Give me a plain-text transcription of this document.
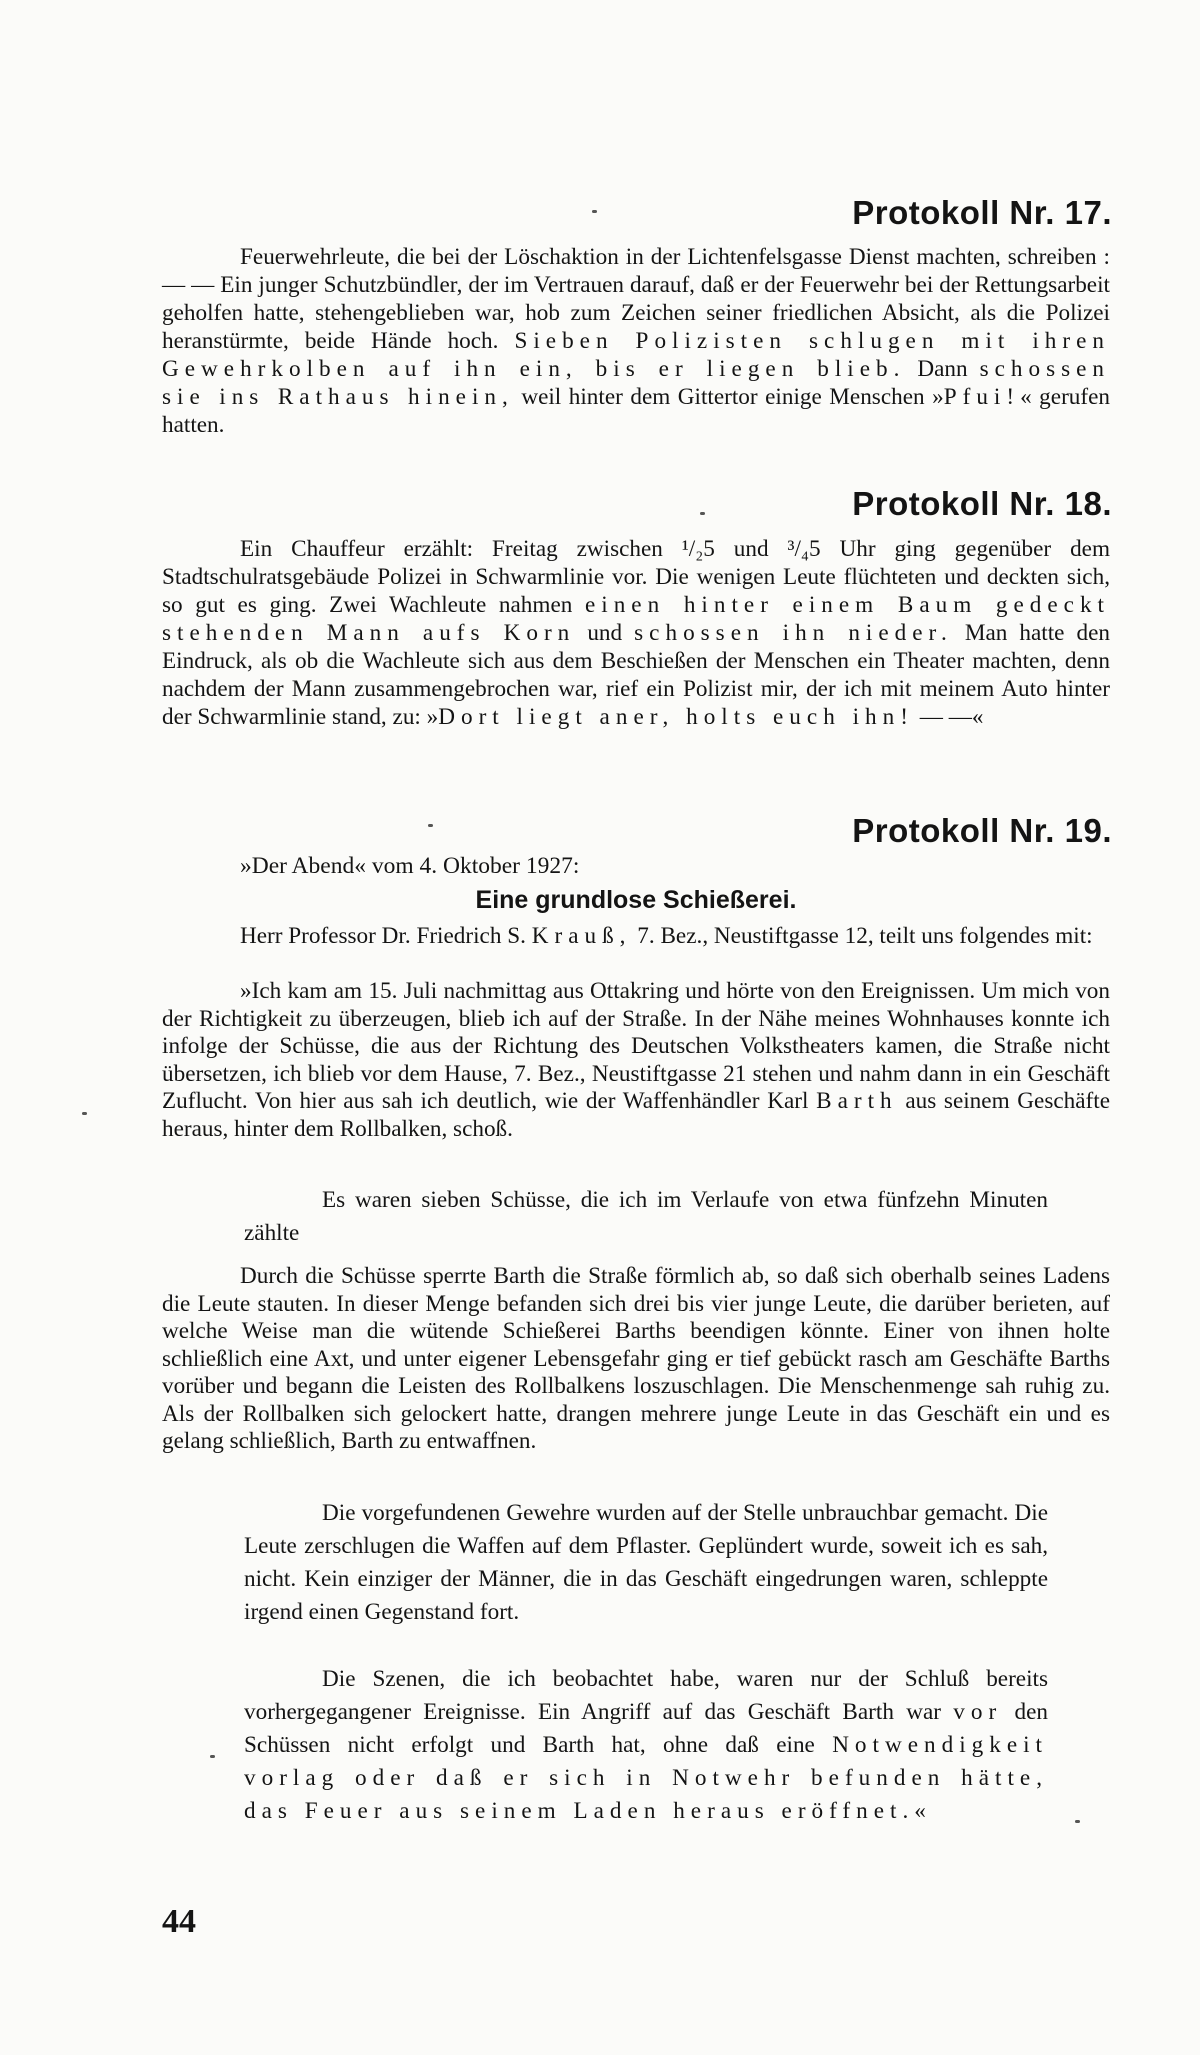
Protokoll Nr. 17.
Feuerwehrleute, die bei der Löschaktion in der Lichtenfelsgasse Dienst machten, schreiben : — — Ein junger Schutzbündler, der im Vertrauen darauf, daß er der Feuerwehr bei der Rettungsarbeit geholfen hatte, stehengeblieben war, hob zum Zeichen seiner friedlichen Absicht, als die Polizei heranstürmte, beide Hände hoch. Sieben Polizisten schlugen mit ihren Gewehrkolben auf ihn ein, bis er liegen blieb. Dann schossen sie ins Rathaus hinein, weil hinter dem Gittertor einige Menschen »Pfui!« gerufen hatten.
Protokoll Nr. 18.
Ein Chauffeur erzählt: Freitag zwischen ¹/₂5 und ³/₄5 Uhr ging gegenüber dem Stadtschulratsgebäude Polizei in Schwarmlinie vor. Die wenigen Leute flüchteten und deckten sich, so gut es ging. Zwei Wachleute nahmen einen hinter einem Baum gedeckt stehenden Mann aufs Korn und schossen ihn nieder. Man hatte den Eindruck, als ob die Wachleute sich aus dem Beschießen der Menschen ein Theater machten, denn nachdem der Mann zusammengebrochen war, rief ein Polizist mir, der ich mit meinem Auto hinter der Schwarmlinie stand, zu: »Dort liegt aner, holts euch ihn! — —«
Protokoll Nr. 19.
»Der Abend« vom 4. Oktober 1927:
Eine grundlose Schießerei.
Herr Professor Dr. Friedrich S. Krauß, 7. Bez., Neustiftgasse 12, teilt uns folgendes mit:
»Ich kam am 15. Juli nachmittag aus Ottakring und hörte von den Ereignissen. Um mich von der Richtigkeit zu überzeugen, blieb ich auf der Straße. In der Nähe meines Wohnhauses konnte ich infolge der Schüsse, die aus der Richtung des Deutschen Volkstheaters kamen, die Straße nicht übersetzen, ich blieb vor dem Hause, 7. Bez., Neustiftgasse 21 stehen und nahm dann in ein Geschäft Zuflucht. Von hier aus sah ich deutlich, wie der Waffenhändler Karl Barth aus seinem Geschäfte heraus, hinter dem Rollbalken, schoß.
Es waren sieben Schüsse, die ich im Verlaufe von etwa fünfzehn Minuten zählte
Durch die Schüsse sperrte Barth die Straße förmlich ab, so daß sich oberhalb seines Ladens die Leute stauten. In dieser Menge befanden sich drei bis vier junge Leute, die darüber berieten, auf welche Weise man die wütende Schießerei Barths beendigen könnte. Einer von ihnen holte schließlich eine Axt, und unter eigener Lebensgefahr ging er tief gebückt rasch am Geschäfte Barths vorüber und begann die Leisten des Rollbalkens loszuschlagen. Die Menschenmenge sah ruhig zu. Als der Rollbalken sich gelockert hatte, drangen mehrere junge Leute in das Geschäft ein und es gelang schließlich, Barth zu entwaffnen.
Die vorgefundenen Gewehre wurden auf der Stelle unbrauchbar gemacht. Die Leute zerschlugen die Waffen auf dem Pflaster. Geplündert wurde, soweit ich es sah, nicht. Kein einziger der Männer, die in das Geschäft eingedrungen waren, schleppte irgend einen Gegenstand fort.
Die Szenen, die ich beobachtet habe, waren nur der Schluß bereits vorhergegangener Ereignisse. Ein Angriff auf das Geschäft Barth war vor den Schüssen nicht erfolgt und Barth hat, ohne daß eine Notwendigkeit vorlag oder daß er sich in Notwehr befunden hätte, das Feuer aus seinem Laden heraus eröffnet.«
44
